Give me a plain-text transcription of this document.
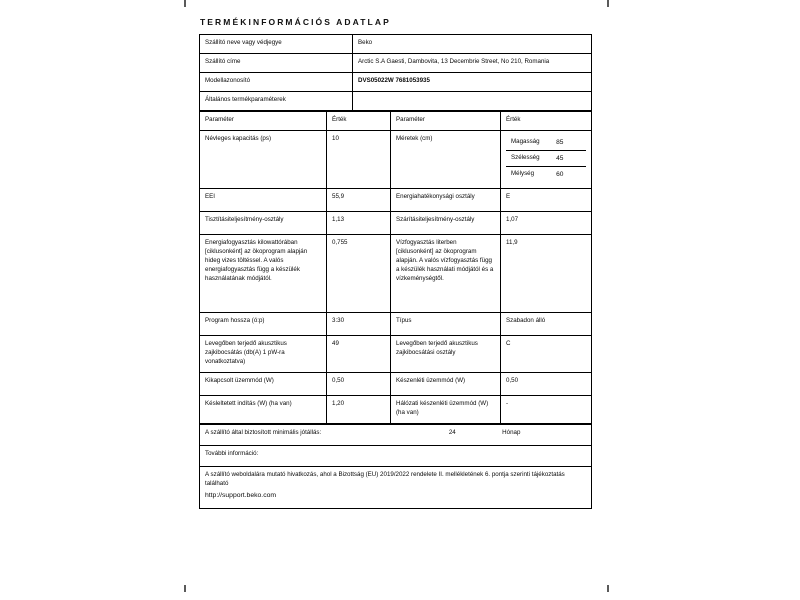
TERMÉKINFORMÁCIÓS ADATLAP
Szállító neve vagy védjegye	Beko
Szállító címe	Arctic S.A Gaesti, Dambovita, 13 Decembrie Street, No 210, Romania
Modellazonosító	DVS05022W 7681053935
Általános termékparaméterek	
Paraméter	Érték	Paraméter	Érték
Névleges kapacitás (ps)	10	Méretek (cm)		Magasság	85
Szélesség	45
Mélység	60

EEI	55,9	Energiahatékonysági osztály	E
Tisztításiteljesítmény-osztály	1,13	Szárításiteljesítmény-osztály	1,07
Energiafogyasztás kilowattórában [ciklusonként] az ökoprogram alapján hideg vizes töltéssel. A valós energiafogyasztás függ a készülék használatának módjától.	0,755	Vízfogyasztás literben [ciklusonként] az ökoprogram alapján. A valós vízfogyasztás függ a készülék használati módjától és a vízkeménységtől.	11,9
Program hossza (ó:p)	3:30	Típus	Szabadon álló
Levegőben terjedő akusztikus zajkibocsátás (db(A) 1 pW-ra vonatkoztatva)	49	Levegőben terjedő akusztikus zajkibocsátási osztály	C
Kikapcsolt üzemmód (W)	0,50	Készenléti üzemmód (W)	0,50
Késleltetett indítás (W) (ha van)	1,20	Hálózati készenléti üzemmód (W) (ha van)	-
A szállító által biztosított minimális jótállás:	24	Hónap

További információ:
A szállító weboldalára mutató hivatkozás, ahol a Bizottság (EU) 2019/2022 rendelete II. mellékletének 6. pontja szerinti tájékoztatás található
http://support.beko.com
